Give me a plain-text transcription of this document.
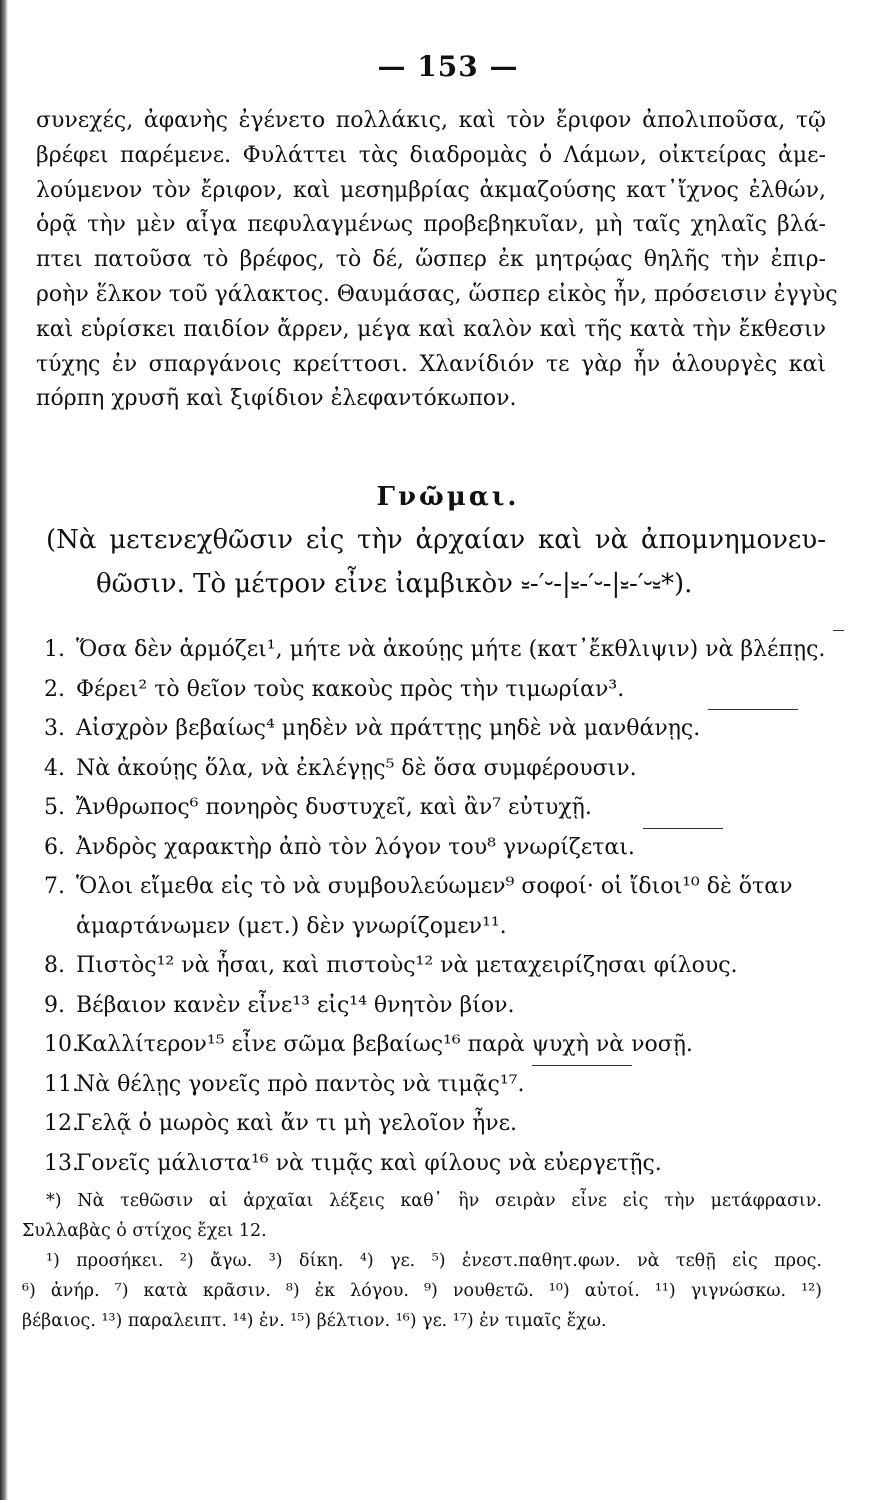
— 153 —
συνεχές, ἀφανὴς ἐγένετο πολλάκις, καὶ τὸν ἔριφον ἀπολιποῦσα, τῷ
βρέφει παρέμενε. Φυλάττει τὰς διαδρομὰς ὁ Λάμων, οἰκτείρας ἀμε-
λούμενον τὸν ἔριφον, καὶ μεσημβρίας ἀκμαζούσης κατ᾿ἴχνος ἐλθών,
ὁρᾷ τὴν μὲν αἶγα πεφυλαγμένως προβεβηκυῖαν, μὴ ταῖς χηλαῖς βλά-
πτει πατοῦσα τὸ βρέφος, τὸ δέ, ὥσπερ ἐκ μητρῴας θηλῆς τὴν ἐπιρ-
ροὴν ἕλκον τοῦ γάλακτος. Θαυμάσας, ὥσπερ εἰκὸς ἦν, πρόσεισιν ἐγγὺς
καὶ εὑρίσκει παιδίον ἄρρεν, μέγα καὶ καλὸν καὶ τῆς κατὰ τὴν ἔκθεσιν
τύχης ἐν σπαργάνοις κρείττοσι. Χλανίδιόν τε γὰρ ἦν ἁλουργὲς καὶ
πόρπη χρυσῆ καὶ ξιφίδιον ἐλεφαντόκωπον.
Γνῶμαι.
(Νὰ μετενεχθῶσιν εἰς τὴν ἀρχαίαν καὶ νὰ ἀπομνημονευ-
θῶσιν. Τὸ μέτρον εἶνε ἰαμβικὸν ⏓-′⏑-|⏓-′⏑-|⏓-′⏑⏓*).
1. Ὅσα δὲν ἁρμόζει¹, μήτε νὰ ἀκούῃς μήτε (κατ᾿ἔκθλιψιν) νὰ βλέπῃς.
2. Φέρει² τὸ θεῖον τοὺς κακοὺς πρὸς τὴν τιμωρίαν³.
3. Αἰσχρὸν βεβαίως⁴ μηδὲν νὰ πράττῃς μηδὲ νὰ μανθάνῃς.
4. Νὰ ἀκούῃς ὅλα, νὰ ἐκλέγῃς⁵ δὲ ὅσα συμφέρουσιν.
5. Ἄνθρωπος⁶ πονηρὸς δυστυχεῖ, καὶ ἂν⁷ εὐτυχῇ.
6. Ἀνδρὸς χαρακτὴρ ἀπὸ τὸν λόγον του⁸ γνωρίζεται.
7. Ὅλοι εἴμεθα εἰς τὸ νὰ συμβουλεύωμεν⁹ σοφοί· οἱ ἴδιοι¹⁰ δὲ ὅταν
ἁμαρτάνωμεν (μετ.) δὲν γνωρίζομεν¹¹.
8. Πιστὸς¹² νὰ ἦσαι, καὶ πιστοὺς¹² νὰ μεταχειρίζησαι φίλους.
9. Βέβαιον κανὲν εἶνε¹³ εἰς¹⁴ θνητὸν βίον.
10.
Καλλίτερον¹⁵ εἶνε σῶμα βεβαίως¹⁶ παρὰ ψυχὴ νὰ νοσῇ.
11.
Νὰ θέλῃς γονεῖς πρὸ παντὸς νὰ τιμᾷς¹⁷.
12.
Γελᾷ ὁ μωρὸς καὶ ἄν τι μὴ γελοῖον ἦνε.
13.
Γονεῖς μάλιστα¹⁶ νὰ τιμᾷς καὶ φίλους νὰ εὐεργετῇς.
*) Νὰ τεθῶσιν αἱ ἀρχαῖαι λέξεις καθ᾿ ἣν σειρὰν εἶνε εἰς τὴν μετάφρασιν.
Συλλαβὰς ὁ στίχος ἔχει 12.
¹) προσήκει. ²) ἄγω. ³) δίκη. ⁴) γε. ⁵) ἐνεστ.παθητ.φων. νὰ τεθῇ εἰς προς.
⁶) ἀνήρ. ⁷) κατὰ κρᾶσιν. ⁸) ἐκ λόγου. ⁹) νουθετῶ. ¹⁰) αὐτοί. ¹¹) γιγνώσκω. ¹²)
βέβαιος. ¹³) παραλειπτ. ¹⁴) ἐν. ¹⁵) βέλτιον. ¹⁶) γε. ¹⁷) ἐν τιμαῖς ἔχω.
